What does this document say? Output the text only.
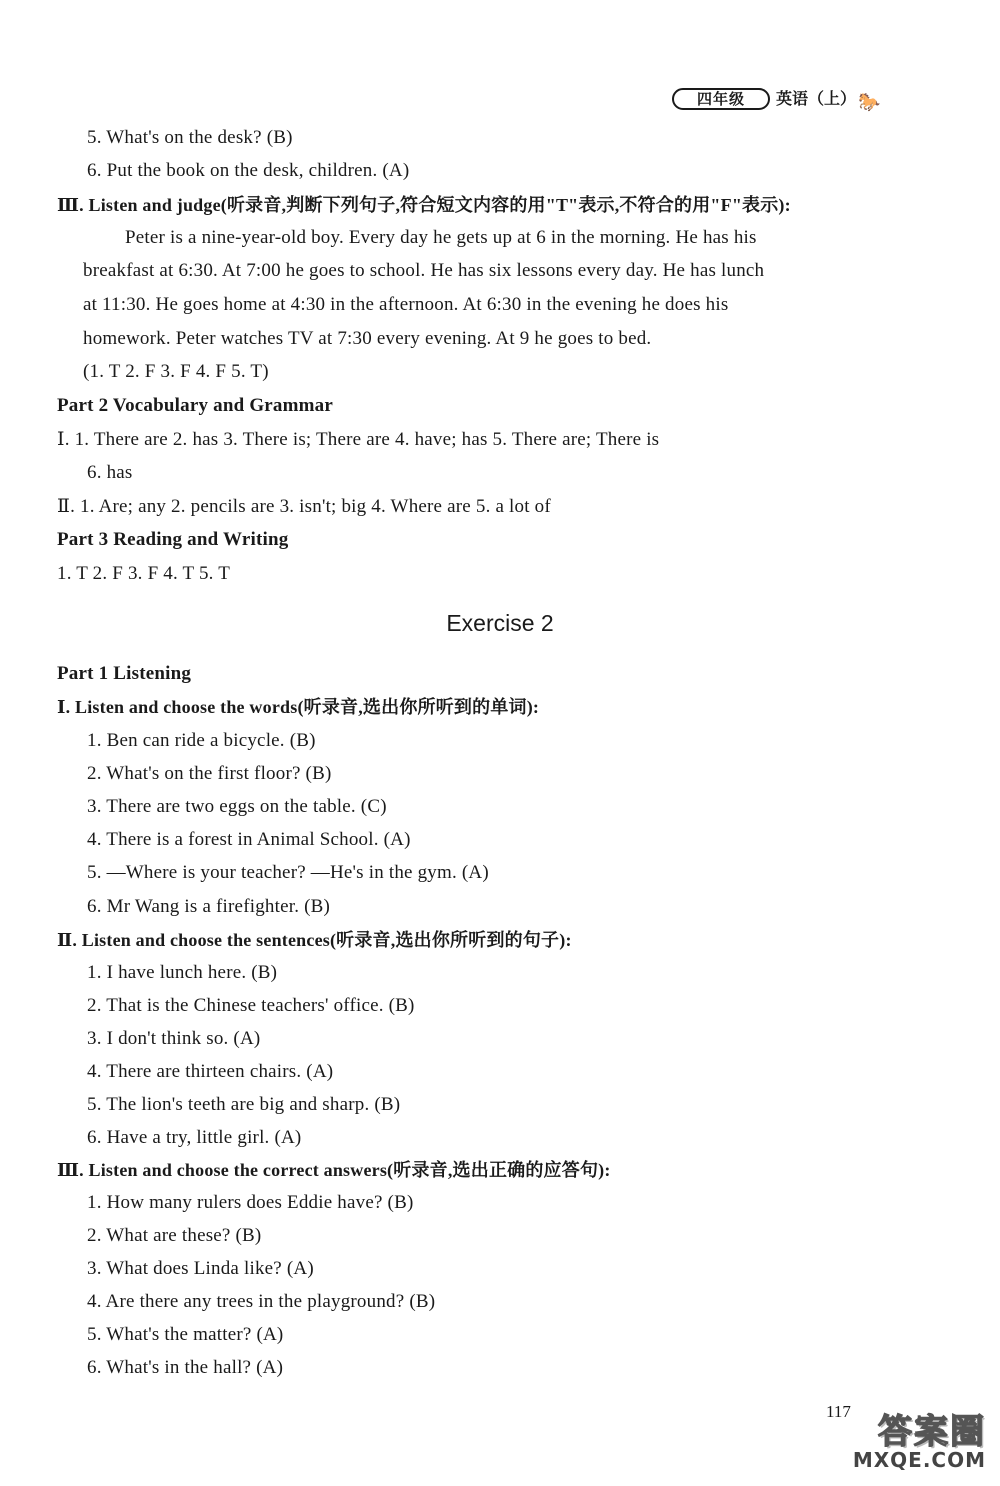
四年级	英语（上） 🐎
5. What's on the desk? (B)
6. Put the book on the desk, children. (A)
Ⅲ. Listen and judge(听录音,判断下列句子,符合短文内容的用"T"表示,不符合的用"F"表示):
Peter is a nine-year-old boy. Every day he gets up at 6 in the morning. He has his
breakfast at 6:30. At 7:00 he goes to school. He has six lessons every day. He has lunch
at 11:30. He goes home at 4:30 in the afternoon. At 6:30 in the evening he does his
homework. Peter watches TV at 7:30 every evening. At 9 he goes to bed.
(1. T 2. F 3. F 4. F 5. T)
Part 2 Vocabulary and Grammar
Ⅰ. 1. There are 2. has 3. There is; There are 4. have; has 5. There are; There is
6. has
Ⅱ. 1. Are; any 2. pencils are 3. isn't; big 4. Where are 5. a lot of
Part 3 Reading and Writing
1. T 2. F 3. F 4. T 5. T
Exercise 2
Part 1 Listening
Ⅰ. Listen and choose the words(听录音,选出你所听到的单词):
1. Ben can ride a bicycle. (B)
2. What's on the first floor? (B)
3. There are two eggs on the table. (C)
4. There is a forest in Animal School. (A)
5. —Where is your teacher? —He's in the gym. (A)
6. Mr Wang is a firefighter. (B)
Ⅱ. Listen and choose the sentences(听录音,选出你所听到的句子):
1. I have lunch here. (B)
2. That is the Chinese teachers' office. (B)
3. I don't think so. (A)
4. There are thirteen chairs. (A)
5. The lion's teeth are big and sharp. (B)
6. Have a try, little girl. (A)
Ⅲ. Listen and choose the correct answers(听录音,选出正确的应答句):
1. How many rulers does Eddie have? (B)
2. What are these? (B)
3. What does Linda like? (A)
4. Are there any trees in the playground? (B)
5. What's the matter? (A)
6. What's in the hall? (A)
117
答案圈
MXQE.COM
